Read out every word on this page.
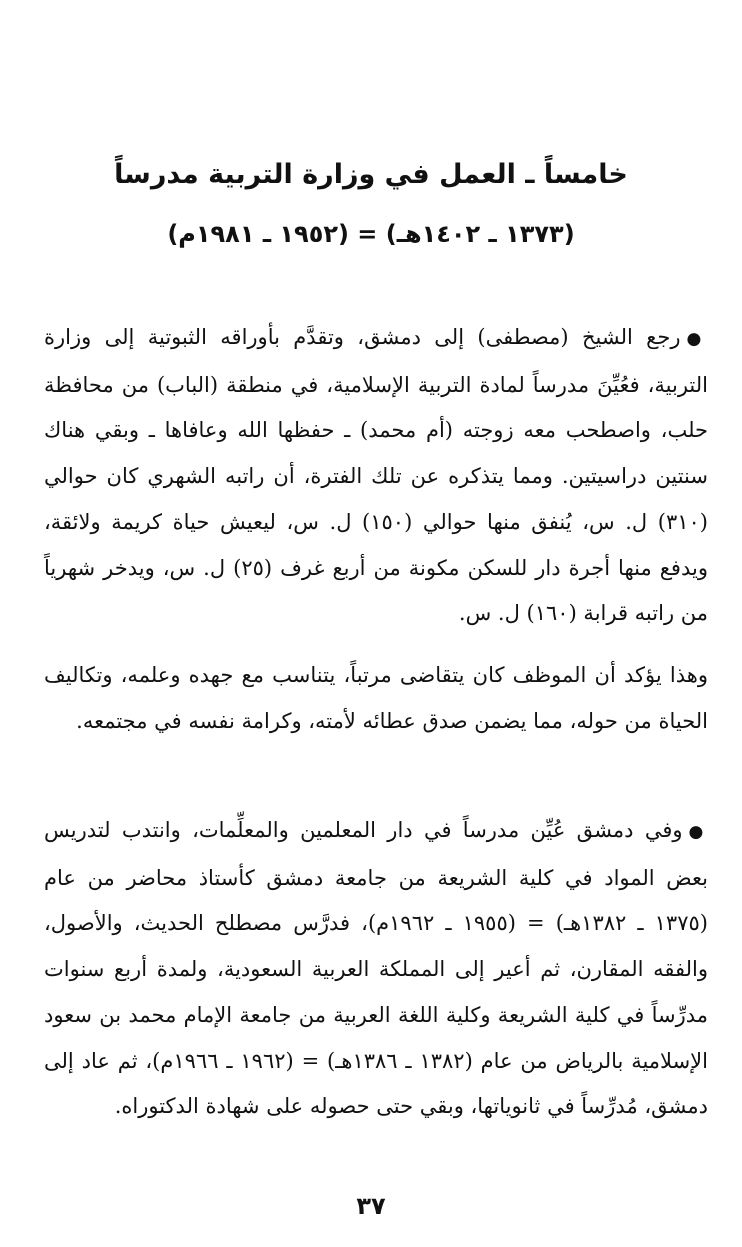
خامساً ـ العمل في وزارة التربية مدرساً
(١٣٧٣ ـ ١٤٠٢هـ) = (١٩٥٢ ـ ١٩٨١م)
●رجع الشيخ (مصطفى) إلى دمشق، وتقدَّم بأوراقه الثبوتية إلى وزارة التربية، فعُيِّنَ مدرساً لمادة التربية الإسلامية، في منطقة (الباب) من محافظة حلب، واصطحب معه زوجته (أم محمد) ـ حفظها الله وعافاها ـ وبقي هناك سنتين دراسيتين. ومما يتذكره عن تلك الفترة، أن راتبه الشهري كان حوالي (٣١٠) ل. س، يُنفق منها حوالي (١٥٠) ل. س، ليعيش حياة كريمة ولائقة، ويدفع منها أجرة دار للسكن مكونة من أربع غرف (٢٥) ل. س، ويدخر شهرياً من راتبه قرابة (١٦٠) ل. س.
وهذا يؤكد أن الموظف كان يتقاضى مرتباً، يتناسب مع جهده وعلمه، وتكاليف الحياة من حوله، مما يضمن صدق عطائه لأمته، وكرامة نفسه في مجتمعه.
●وفي دمشق عُيِّن مدرساً في دار المعلمين والمعلِّمات، وانتدب لتدريس بعض المواد في كلية الشريعة من جامعة دمشق كأستاذ محاضر من عام (١٣٧٥ ـ ١٣٨٢هـ) = (١٩٥٥ ـ ١٩٦٢م)، فدرَّس مصطلح الحديث، والأصول، والفقه المقارن، ثم أعير إلى المملكة العربية السعودية، ولمدة أربع سنوات مدرِّساً في كلية الشريعة وكلية اللغة العربية من جامعة الإمام محمد بن سعود الإسلامية بالرياض من عام (١٣٨٢ ـ ١٣٨٦هـ) = (١٩٦٢ ـ ١٩٦٦م)، ثم عاد إلى دمشق، مُدرِّساً في ثانوياتها، وبقي حتى حصوله على شهادة الدكتوراه.
٣٧
